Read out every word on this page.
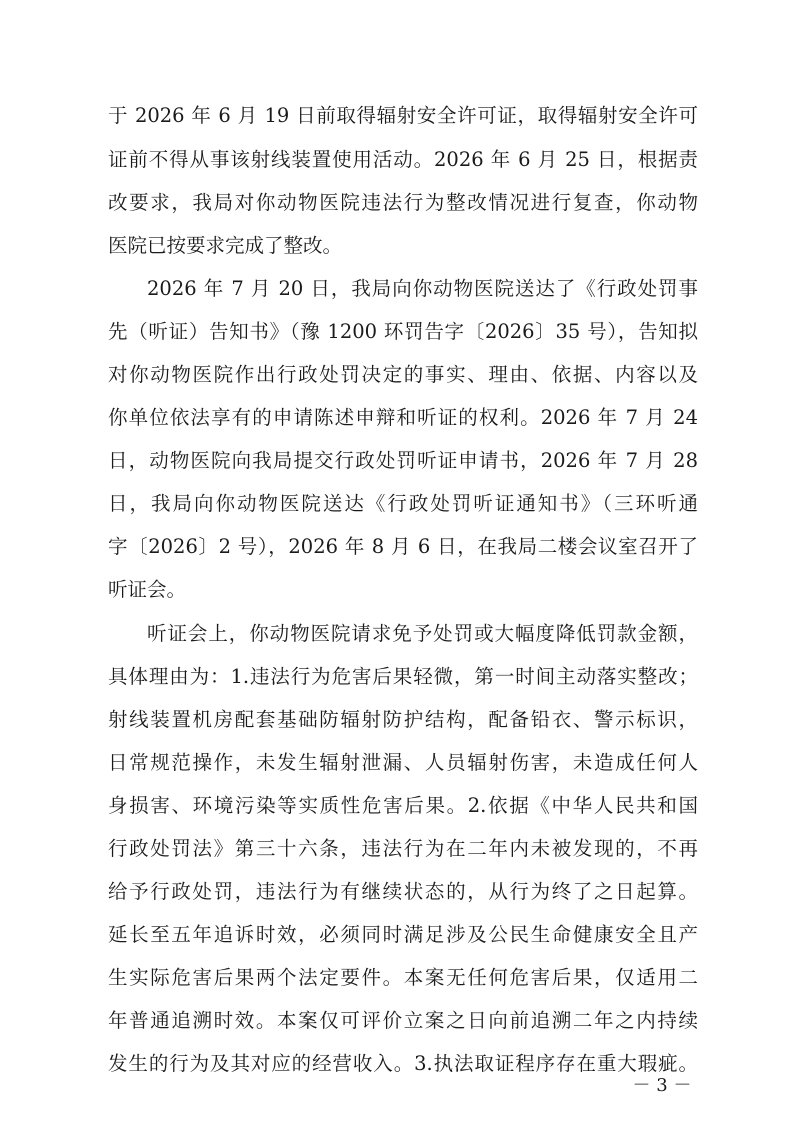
于 2026 年 6 月 19 日前取得辐射安全许可证，取得辐射安全许可

证前不得从事该射线装置使用活动。2026 年 6 月 25 日，根据责

改要求，我局对你动物医院违法行为整改情况进行复查，你动物

医院已按要求完成了整改。

2026 年 7 月 20 日，我局向你动物医院送达了《行政处罚事

先（听证）告知书》（豫 1200 环罚告字〔2026〕35 号），告知拟

对你动物医院作出行政处罚决定的事实、理由、依据、内容以及

你单位依法享有的申请陈述申辩和听证的权利。2026 年 7 月 24

日，动物医院向我局提交行政处罚听证申请书，2026 年 7 月 28

日，我局向你动物医院送达《行政处罚听证通知书》（三环听通

字〔2026〕2 号），2026 年 8 月 6 日，在我局二楼会议室召开了

听证会。

听证会上，你动物医院请求免予处罚或大幅度降低罚款金额，

具体理由为：1.违法行为危害后果轻微，第一时间主动落实整改；

射线装置机房配套基础防辐射防护结构，配备铅衣、警示标识，

日常规范操作，未发生辐射泄漏、人员辐射伤害，未造成任何人

身损害、环境污染等实质性危害后果。2.依据《中华人民共和国

行政处罚法》第三十六条，违法行为在二年内未被发现的，不再

给予行政处罚，违法行为有继续状态的，从行为终了之日起算。

延长至五年追诉时效，必须同时满足涉及公民生命健康安全且产

生实际危害后果两个法定要件。本案无任何危害后果，仅适用二

年普通追溯时效。本案仅可评价立案之日向前追溯二年之内持续

发生的行为及其对应的经营收入。3.执法取证程序存在重大瑕疵。

－ 3 －
